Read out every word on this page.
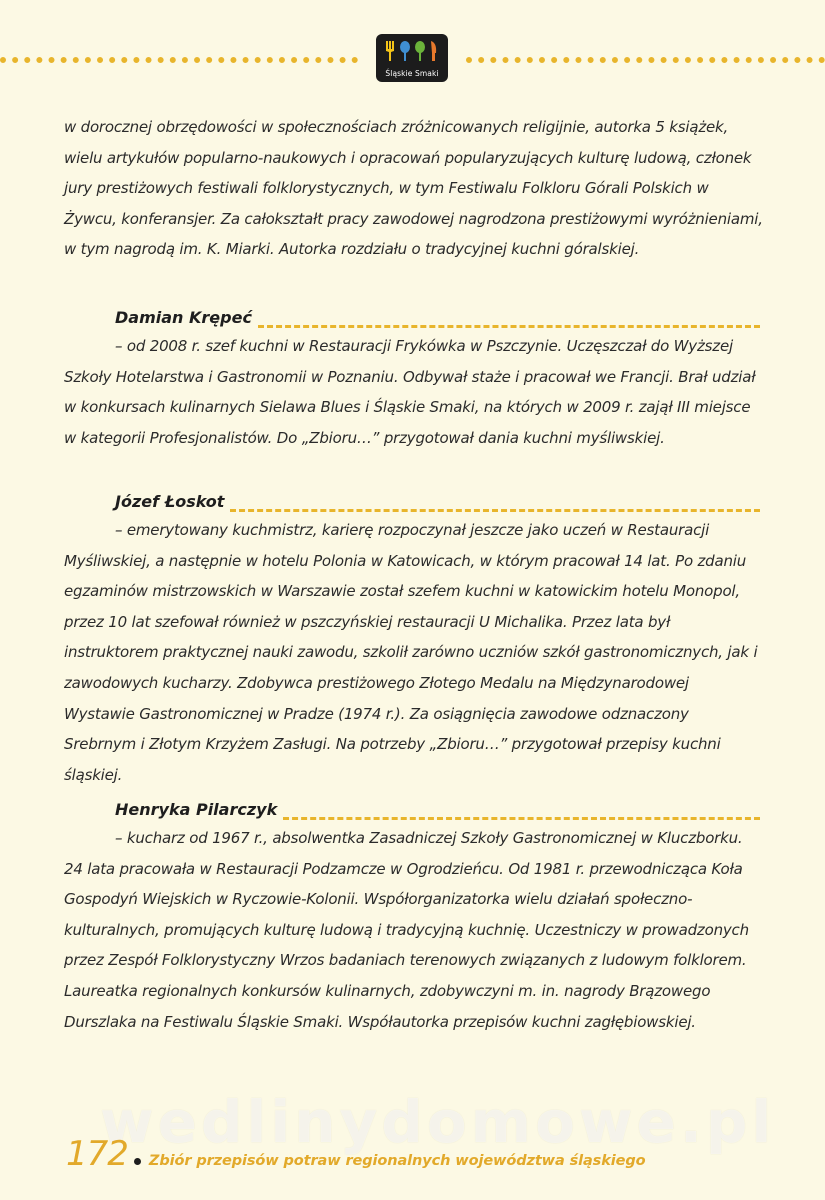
Śląskie Smaki
w dorocznej obrzędowości w społecznościach zróżnicowanych religijnie, autorka 5 książek, wielu artykułów popularno-naukowych i opracowań popularyzujących kulturę ludową, członek jury prestiżowych festiwali folklorystycznych, w tym Festiwalu Folkloru Górali Polskich w Żywcu, konferansjer. Za całokształt pracy zawodowej nagrodzona prestiżowymi wyróżnieniami, w tym nagrodą im. K. Miarki. Autorka rozdziału o tradycyjnej kuchni góralskiej.
Damian Krępeć
– od 2008 r. szef kuchni w Restauracji Frykówka w Pszczynie. Uczęszczał do Wyższej Szkoły Hotelarstwa i Gastronomii w Poznaniu. Odbywał staże i pracował we Francji. Brał udział w konkursach kulinarnych Sielawa Blues i Śląskie Smaki, na których w 2009 r. zajął III miejsce w kategorii Profesjonalistów. Do „Zbioru…” przygotował dania kuchni myśliwskiej.
Józef Łoskot
– emerytowany kuchmistrz, karierę rozpoczynał jeszcze jako uczeń w Restauracji Myśliwskiej, a następnie w hotelu Polonia w Katowicach, w którym pracował 14 lat. Po zdaniu egzaminów mistrzowskich w Warszawie został szefem kuchni w katowickim hotelu Monopol, przez 10 lat szefował również w pszczyńskiej restauracji U Michalika. Przez lata był instruktorem praktycznej nauki zawodu, szkolił zarówno uczniów szkół gastronomicznych, jak i zawodowych kucharzy. Zdobywca prestiżowego Złotego Medalu na Międzynarodowej Wystawie Gastronomicznej w Pradze (1974 r.). Za osiągnięcia zawodowe odznaczony Srebrnym i Złotym Krzyżem Zasługi. Na potrzeby „Zbioru…” przygotował przepisy kuchni śląskiej.
Henryka Pilarczyk
– kucharz od 1967 r., absolwentka Zasadniczej Szkoły Gastronomicznej w Kluczborku. 24 lata pracowała w Restauracji Podzamcze w Ogrodzieńcu. Od 1981 r. przewodnicząca Koła Gospodyń Wiejskich w Ryczowie-Kolonii. Współorganizatorka wielu działań społeczno-kulturalnych, promujących kulturę ludową i tradycyjną kuchnię. Uczestniczy w prowadzonych przez Zespół Folklorystyczny Wrzos badaniach terenowych związanych z ludowym folklorem. Laureatka regionalnych konkursów kulinarnych, zdobywczyni m. in. nagrody Brązowego Durszlaka na Festiwalu Śląskie Smaki. Współautorka przepisów kuchni zagłębiowskiej.
wedlinydomowe.pl
172 Zbiór przepisów potraw regionalnych województwa śląskiego
